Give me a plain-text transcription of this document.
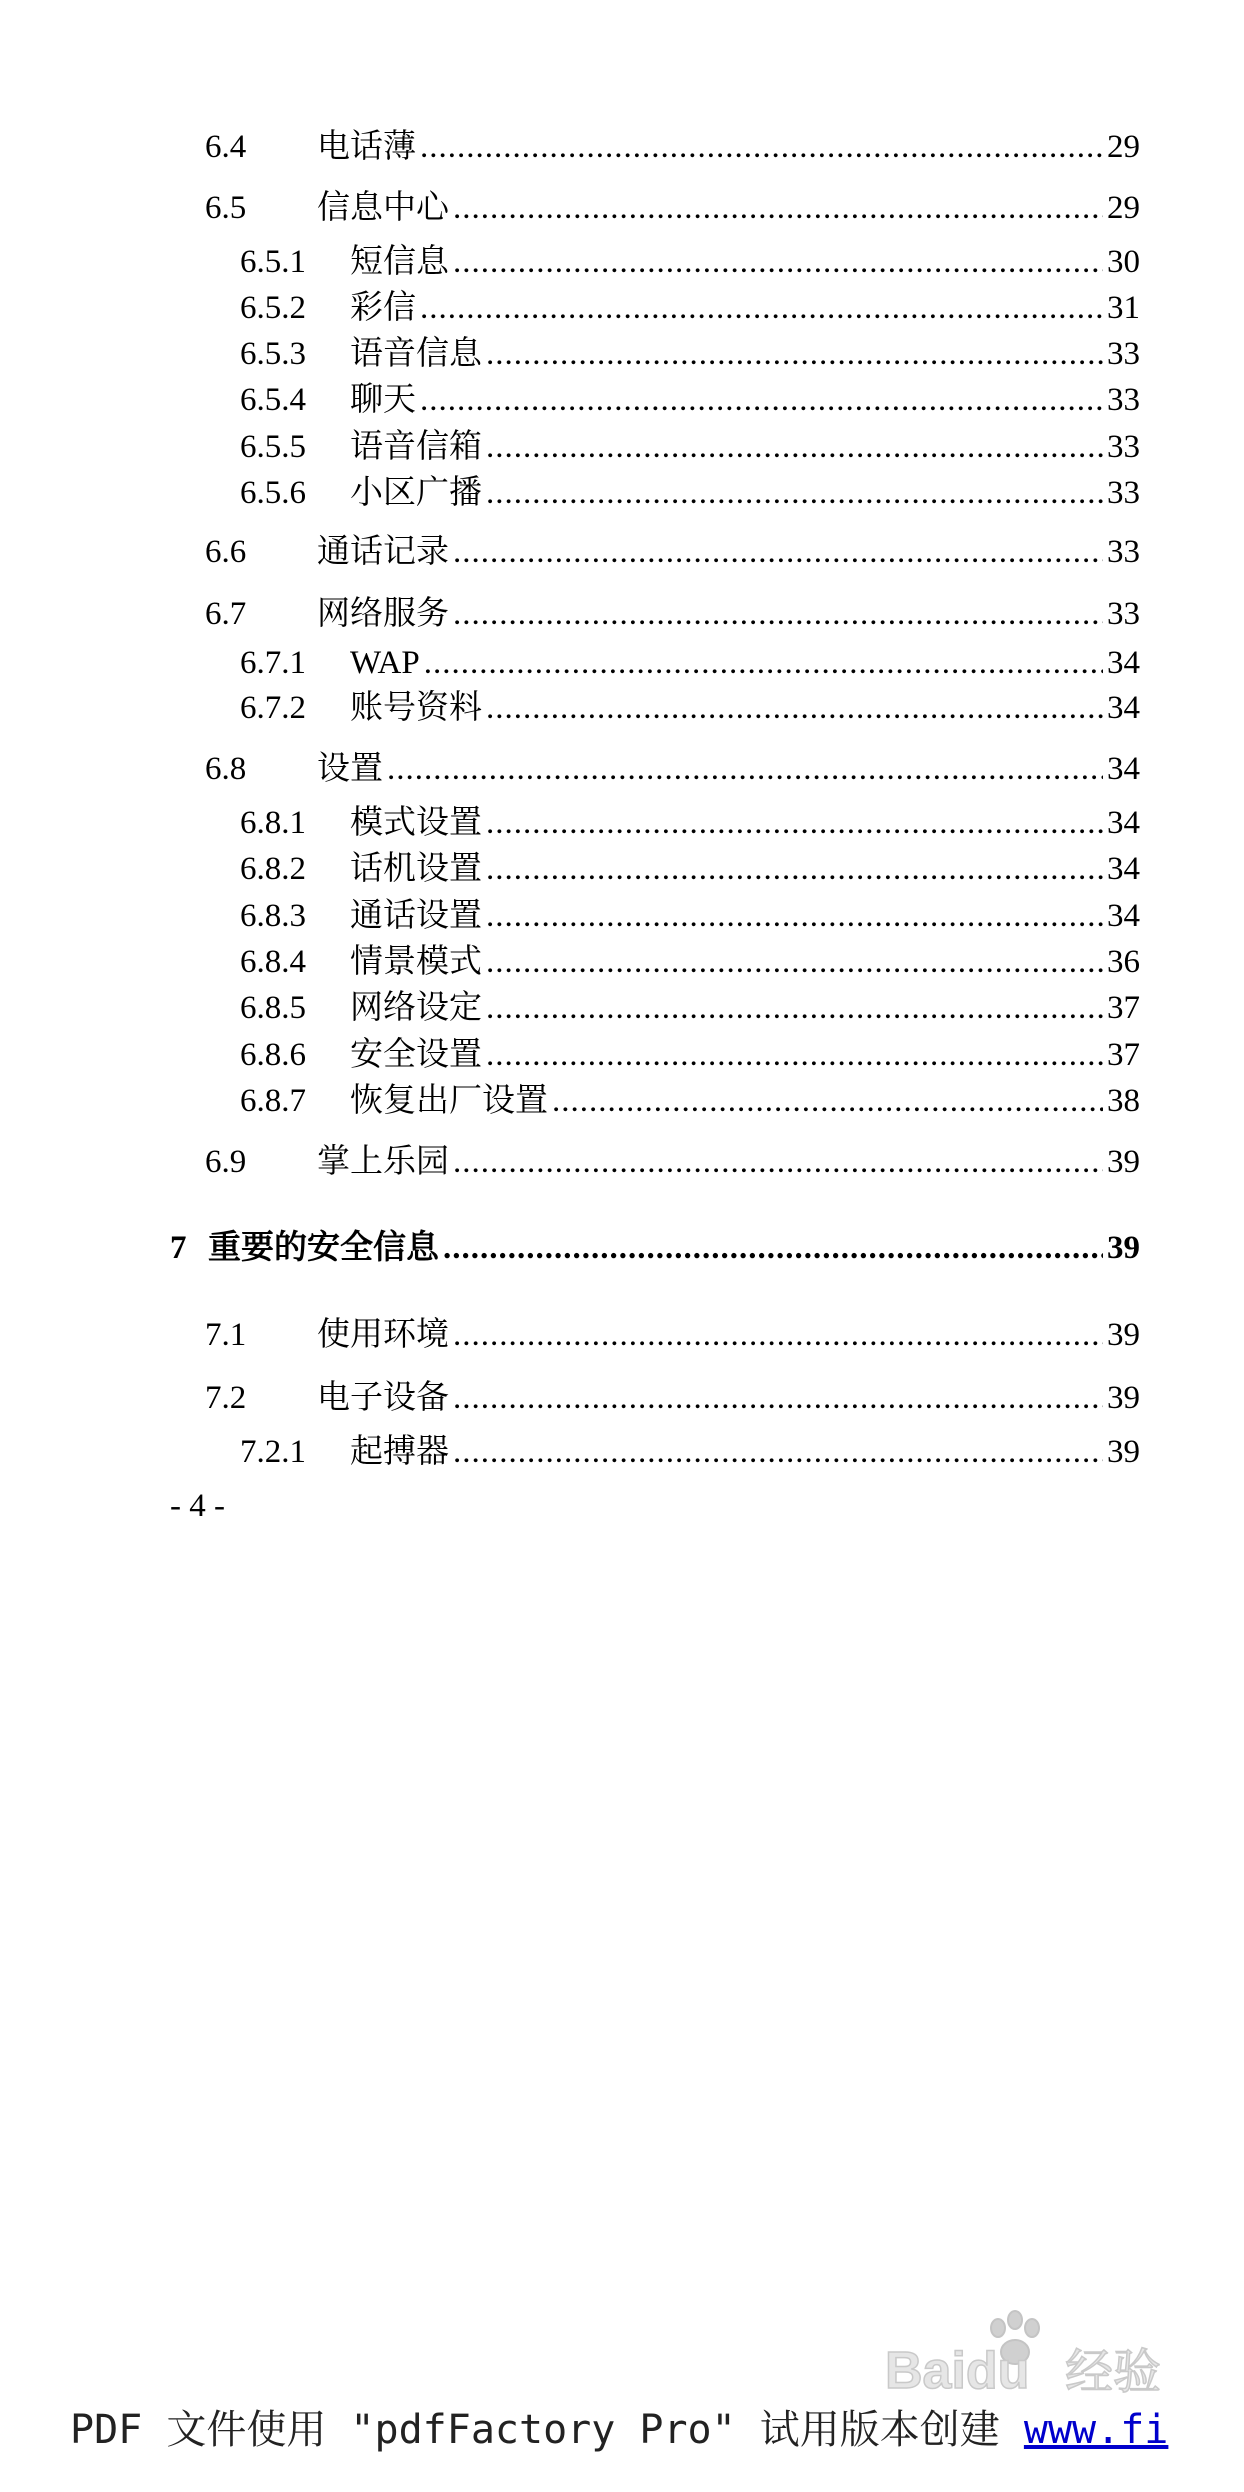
6.4	电话薄 .....	29
6.5	信息中心 .....	29
6.5.1	短信息 .....	30
6.5.2	彩信 .....	31
6.5.3	语音信息 .....	33
6.5.4	聊天 .....	33
6.5.5	语音信箱 .....	33
6.5.6	小区广播 .....	33
6.6	通话记录 .....	33
6.7	网络服务 .....	33
6.7.1	WAP .....	34
6.7.2	账号资料 .....	34
6.8	设置 .....	34
6.8.1	模式设置 .....	34
6.8.2	话机设置 .....	34
6.8.3	通话设置 .....	34
6.8.4	情景模式 .....	36
6.8.5	网络设定 .....	37
6.8.6	安全设置 .....	37
6.8.7	恢复出厂设置 .....	38
6.9	掌上乐园 .....	39
7 重要的安全信息 .....	39
7.1	使用环境 .....	39
7.2	电子设备 .....	39
7.2.1	起搏器 .....	39
- 4 -
Baidu 经验
PDF 文件使用 "pdfFactory Pro" 试用版本创建 www.fi
